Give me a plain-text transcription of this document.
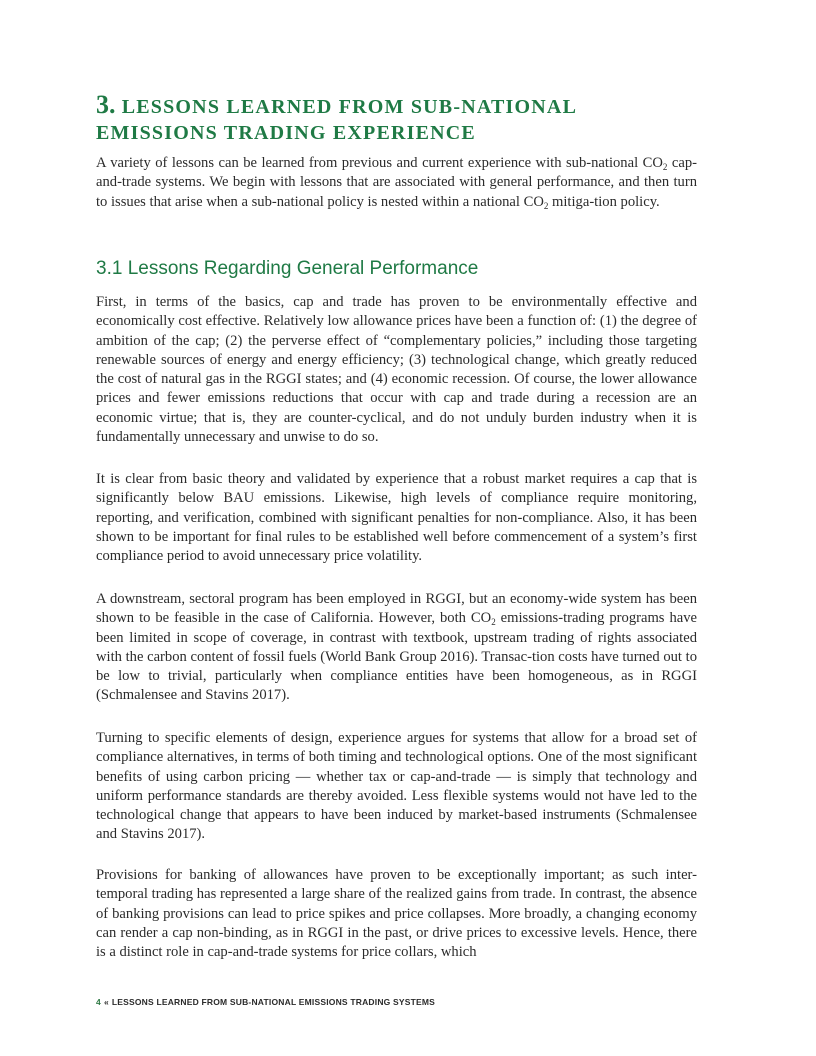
3. LESSONS LEARNED FROM SUB-NATIONAL
EMISSIONS TRADING EXPERIENCE

A variety of lessons can be learned from previous and current experience with sub-national $CO_2$ cap-and-trade systems. We begin with lessons that are associated with general performance, and then turn to issues that arise when a sub-national policy is nested within a national $CO_2$ mitiga-tion policy.

3.1 Lessons Regarding General Performance

First, in terms of the basics, cap and trade has proven to be environmentally effective and economically cost effective. Relatively low allowance prices have been a function of: (1) the degree of ambition of the cap; (2) the perverse effect of “complementary policies,” including those targeting renewable sources of energy and energy efficiency; (3) technological change, which greatly reduced the cost of natural gas in the RGGI states; and (4) economic recession. Of course, the lower allowance prices and fewer emissions reductions that occur with cap and trade during a recession are an economic virtue; that is, they are counter-cyclical, and do not unduly burden industry when it is fundamentally unnecessary and unwise to do so.

It is clear from basic theory and validated by experience that a robust market requires a cap that is significantly below BAU emissions. Likewise, high levels of compliance require monitoring, reporting, and verification, combined with significant penalties for non-compliance. Also, it has been shown to be important for final rules to be established well before commencement of a system’s first compliance period to avoid unnecessary price volatility.

A downstream, sectoral program has been employed in RGGI, but an economy-wide system has been shown to be feasible in the case of California. However, both $CO_2$ emissions-trading programs have been limited in scope of coverage, in contrast with textbook, upstream trading of rights associated with the carbon content of fossil fuels (World Bank Group 2016). Transac-tion costs have turned out to be low to trivial, particularly when compliance entities have been homogeneous, as in RGGI (Schmalensee and Stavins 2017).

Turning to specific elements of design, experience argues for systems that allow for a broad set of compliance alternatives, in terms of both timing and technological options. One of the most significant benefits of using carbon pricing — whether tax or cap-and-trade — is simply that technology and uniform performance standards are thereby avoided. Less flexible systems would not have led to the technological change that appears to have been induced by market-based instruments (Schmalensee and Stavins 2017).

Provisions for banking of allowances have proven to be exceptionally important; as such inter-temporal trading has represented a large share of the realized gains from trade. In contrast, the absence of banking provisions can lead to price spikes and price collapses. More broadly, a changing economy can render a cap non-binding, as in RGGI in the past, or drive prices to excessive levels. Hence, there is a distinct role in cap-and-trade systems for price collars, which

4 « LESSONS LEARNED FROM SUB-NATIONAL EMISSIONS TRADING SYSTEMS
